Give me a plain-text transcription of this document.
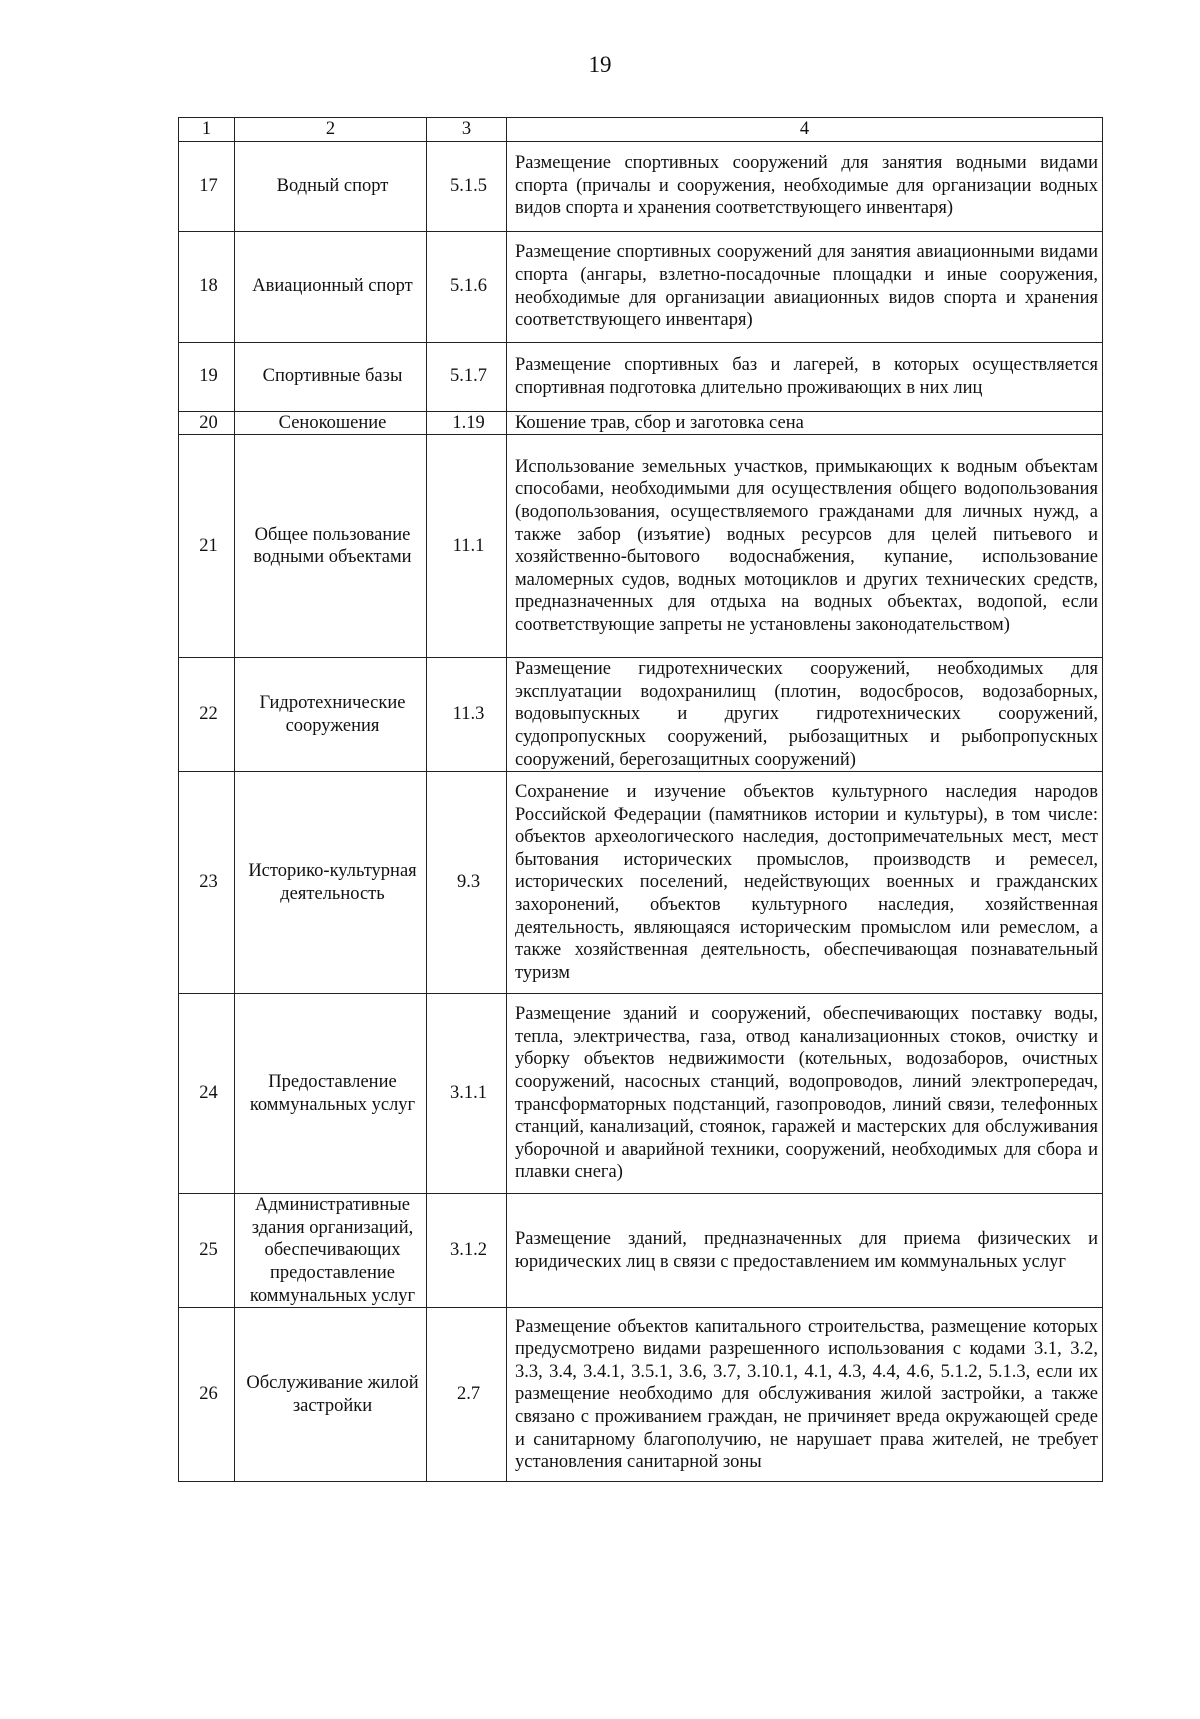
19
1	2	3	4
17	Водный спорт	5.1.5	Размещение спортивных сооружений для занятия водными видами спорта (причалы и сооружения, необходимые для организации водных видов спорта и хранения соответствующего инвентаря)
18	Авиационный спорт	5.1.6	Размещение спортивных сооружений для занятия авиационными видами спорта (ангары, взлетно-посадочные площадки и иные сооружения, необходимые для организации авиационных видов спорта и хранения соответствующего инвентаря)
19	Спортивные базы	5.1.7	Размещение спортивных баз и лагерей, в которых осуществляется спортивная подготовка длительно проживающих в них лиц
20	Сенокошение	1.19	Кошение трав, сбор и заготовка сена
21	Общее пользование водными объектами	11.1	Использование земельных участков, примыкающих к водным объектам способами, необходимыми для осуществления общего водопользования (водопользования, осуществляемого гражданами для личных нужд, а также забор (изъятие) водных ресурсов для целей питьевого и хозяйственно-бытового водоснабжения, купание, использование маломерных судов, водных мотоциклов и других технических средств, предназначенных для отдыха на водных объектах, водопой, если соответствующие запреты не установлены законодательством)
22	Гидротехнические сооружения	11.3	Размещение гидротехнических сооружений, необходимых для эксплуатации водохранилищ (плотин, водосбросов, водозаборных, водовыпускных и других гидротехнических сооружений, судопропускных сооружений, рыбозащитных и рыбопропускных сооружений, берегозащитных сооружений)
23	Историко-культурная деятельность	9.3	Сохранение и изучение объектов культурного наследия народов Российской Федерации (памятников истории и культуры), в том числе: объектов археологического наследия, достопримечательных мест, мест бытования исторических промыслов, производств и ремесел, исторических поселений, недействующих военных и гражданских захоронений, объектов культурного наследия, хозяйственная деятельность, являющаяся историческим промыслом или ремеслом, а также хозяйственная деятельность, обеспечивающая познавательный туризм
24	Предоставление коммунальных услуг	3.1.1	Размещение зданий и сооружений, обеспечивающих поставку воды, тепла, электричества, газа, отвод канализационных стоков, очистку и уборку объектов недвижимости (котельных, водозаборов, очистных сооружений, насосных станций, водопроводов, линий электропередач, трансформаторных подстанций, газопроводов, линий связи, телефонных станций, канализаций, стоянок, гаражей и мастерских для обслуживания уборочной и аварийной техники, сооружений, необходимых для сбора и плавки снега)
25	Административные здания организаций, обеспечивающих предоставление коммунальных услуг	3.1.2	Размещение зданий, предназначенных для приема физических и юридических лиц в связи с предоставлением им коммунальных услуг
26	Обслуживание жилой застройки	2.7	Размещение объектов капитального строительства, размещение которых предусмотрено видами разрешенного использования с кодами 3.1, 3.2, 3.3, 3.4, 3.4.1, 3.5.1, 3.6, 3.7, 3.10.1, 4.1, 4.3, 4.4, 4.6, 5.1.2, 5.1.3, если их размещение необходимо для обслуживания жилой застройки, а также связано с проживанием граждан, не причиняет вреда окружающей среде и санитарному благополучию, не нарушает права жителей, не требует установления санитарной зоны
